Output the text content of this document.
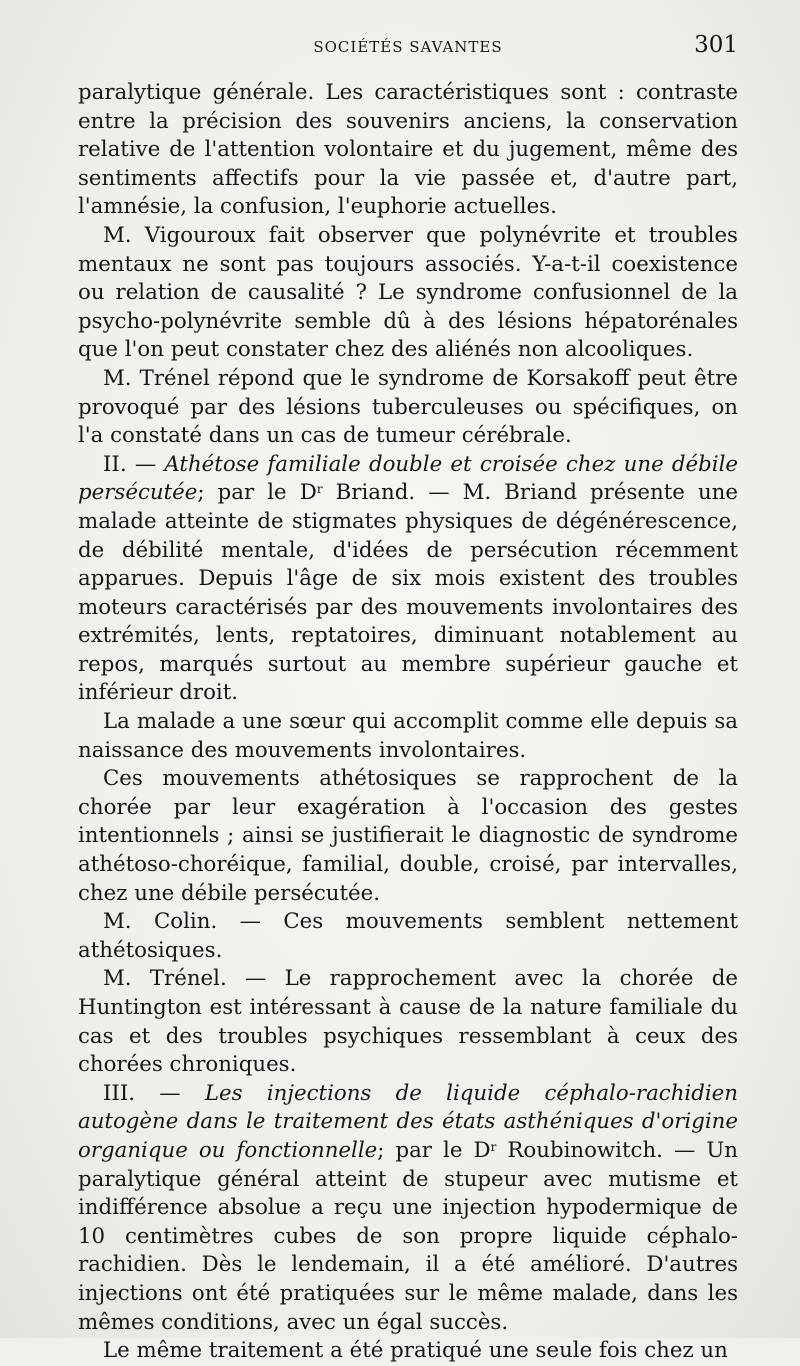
SOCIÉTÉS SAVANTES	301

paralytique générale. Les caractéristiques sont : contraste entre la précision des souvenirs anciens, la conservation relative de l'attention volontaire et du jugement, même des sentiments affectifs pour la vie passée et, d'autre part, l'amnésie, la confusion, l'euphorie actuelles.

M. Vigouroux fait observer que polynévrite et troubles mentaux ne sont pas toujours associés. Y-a-t-il coexistence ou relation de causalité ? Le syndrome confusionnel de la psycho-polynévrite semble dû à des lésions hépatorénales que l'on peut constater chez des aliénés non alcooliques.

M. Trénel répond que le syndrome de Korsakoff peut être provoqué par des lésions tuberculeuses ou spécifiques, on l'a constaté dans un cas de tumeur cérébrale.

II. — Athétose familiale double et croisée chez une débile persécutée; par le $D^r$ Briand. — M. Briand présente une malade atteinte de stigmates physiques de dégénérescence, de débilité mentale, d'idées de persécution récemment apparues. Depuis l'âge de six mois existent des troubles moteurs caractérisés par des mouvements involontaires des extrémités, lents, reptatoires, diminuant notablement au repos, marqués surtout au membre supérieur gauche et inférieur droit.

La malade a une sœur qui accomplit comme elle depuis sa naissance des mouvements involontaires.

Ces mouvements athétosiques se rapprochent de la chorée par leur exagération à l'occasion des gestes intentionnels ; ainsi se justifierait le diagnostic de syndrome athétoso-choréique, familial, double, croisé, par intervalles, chez une débile persécutée.

M. Colin. — Ces mouvements semblent nettement athétosiques.

M. Trénel. — Le rapprochement avec la chorée de Huntington est intéressant à cause de la nature familiale du cas et des troubles psychiques ressemblant à ceux des chorées chroniques.

III. — Les injections de liquide céphalo-rachidien autogène dans le traitement des états asthéniques d'origine organique ou fonctionnelle; par le $D^r$ Roubinowitch. — Un paralytique général atteint de stupeur avec mutisme et indifférence absolue a reçu une injection hypodermique de 10 centimètres cubes de son propre liquide céphalo-rachidien. Dès le lendemain, il a été amélioré. D'autres injections ont été pratiquées sur le même malade, dans les mêmes conditions, avec un égal succès.

Le même traitement a été pratiqué une seule fois chez un
